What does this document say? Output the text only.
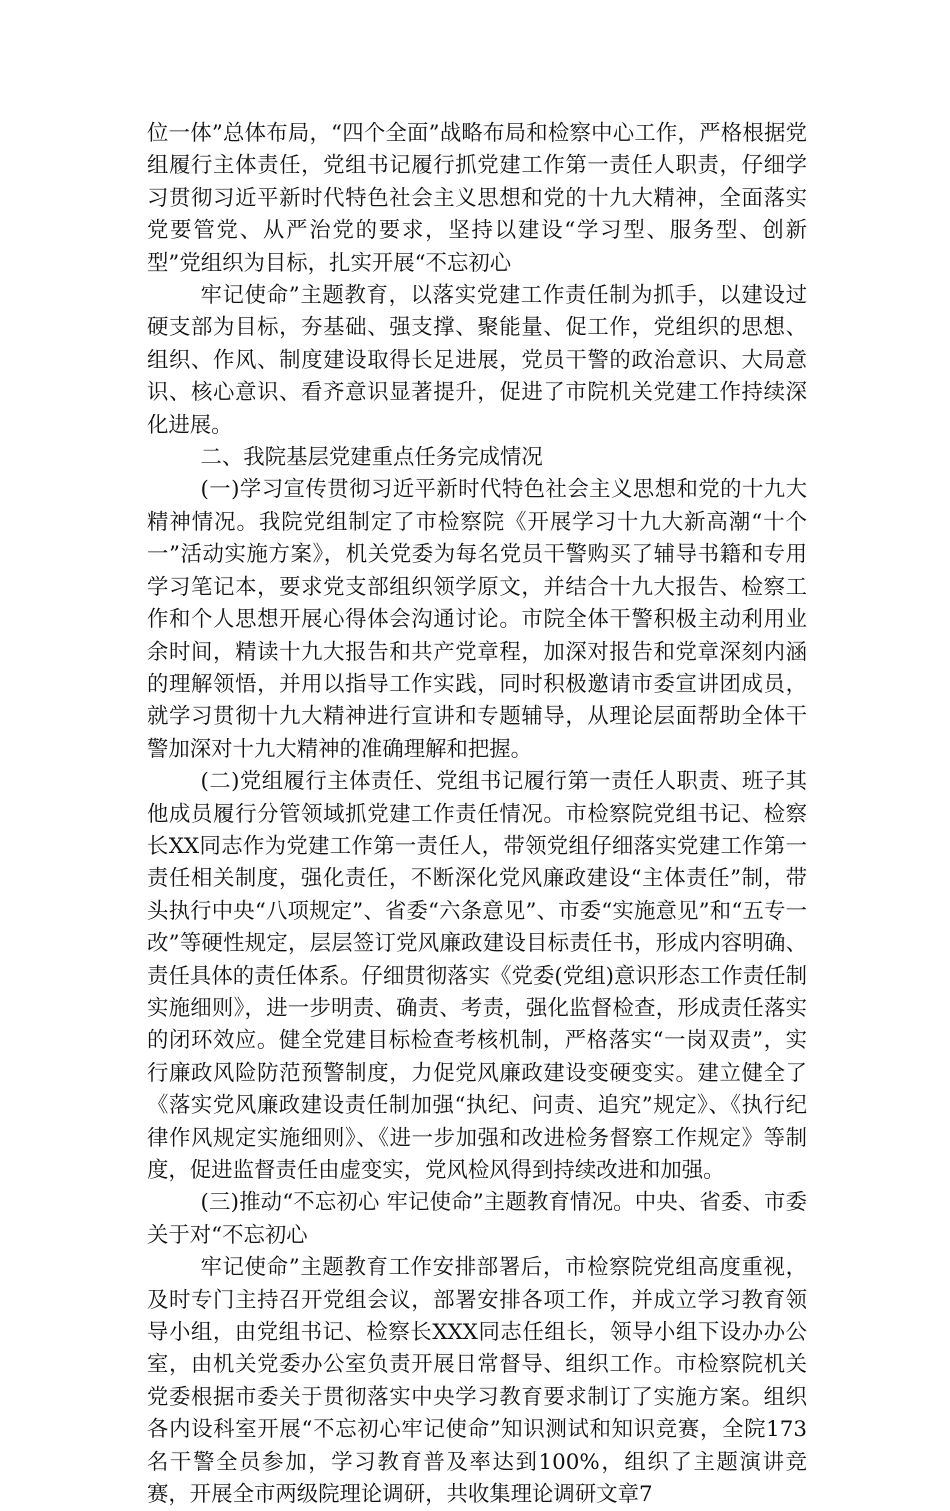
位一体”总体布局，“四个全面”战略布局和检察中心工作，严格根据党组履行主体责任，党组书记履行抓党建工作第一责任人职责，仔细学习贯彻习近平新时代特色社会主义思想和党的十九大精神，全面落实党要管党、从严治党的要求，坚持以建设“学习型、服务型、创新型”党组织为目标，扎实开展“不忘初心

牢记使命”主题教育，以落实党建工作责任制为抓手，以建设过硬支部为目标，夯基础、强支撑、聚能量、促工作，党组织的思想、组织、作风、制度建设取得长足进展，党员干警的政治意识、大局意识、核心意识、看齐意识显著提升，促进了市院机关党建工作持续深化进展。

二、我院基层党建重点任务完成情况

(一)学习宣传贯彻习近平新时代特色社会主义思想和党的十九大精神情况。我院党组制定了市检察院《开展学习十九大新高潮“十个一”活动实施方案》，机关党委为每名党员干警购买了辅导书籍和专用学习笔记本，要求党支部组织领学原文，并结合十九大报告、检察工作和个人思想开展心得体会沟通讨论。市院全体干警积极主动利用业余时间，精读十九大报告和共产党章程，加深对报告和党章深刻内涵的理解领悟，并用以指导工作实践，同时积极邀请市委宣讲团成员，就学习贯彻十九大精神进行宣讲和专题辅导，从理论层面帮助全体干警加深对十九大精神的准确理解和把握。

(二)党组履行主体责任、党组书记履行第一责任人职责、班子其他成员履行分管领域抓党建工作责任情况。市检察院党组书记、检察长XX同志作为党建工作第一责任人，带领党组仔细落实党建工作第一责任相关制度，强化责任，不断深化党风廉政建设“主体责任”制，带头执行中央“八项规定”、省委“六条意见”、市委“实施意见”和“五专一改”等硬性规定，层层签订党风廉政建设目标责任书，形成内容明确、责任具体的责任体系。仔细贯彻落实《党委(党组)意识形态工作责任制实施细则》，进一步明责、确责、考责，强化监督检查，形成责任落实的闭环效应。健全党建目标检查考核机制，严格落实“一岗双责”，实行廉政风险防范预警制度，力促党风廉政建设变硬变实。建立健全了《落实党风廉政建设责任制加强“执纪、问责、追究”规定》、《执行纪律作风规定实施细则》、《进一步加强和改进检务督察工作规定》等制度，促进监督责任由虚变实，党风检风得到持续改进和加强。

(三)推动“不忘初心 牢记使命”主题教育情况。中央、省委、市委关于对“不忘初心

牢记使命”主题教育工作安排部署后，市检察院党组高度重视，及时专门主持召开党组会议，部署安排各项工作，并成立学习教育领导小组，由党组书记、检察长XXX同志任组长，领导小组下设办办公室，由机关党委办公室负责开展日常督导、组织工作。市检察院机关党委根据市委关于贯彻落实中央学习教育要求制订了实施方案。组织各内设科室开展“不忘初心牢记使命”知识测试和知识竞赛，全院173名干警全员参加，学习教育普及率达到100%，组织了主题演讲竞赛，开展全市两级院理论调研，共收集理论调研文章7
